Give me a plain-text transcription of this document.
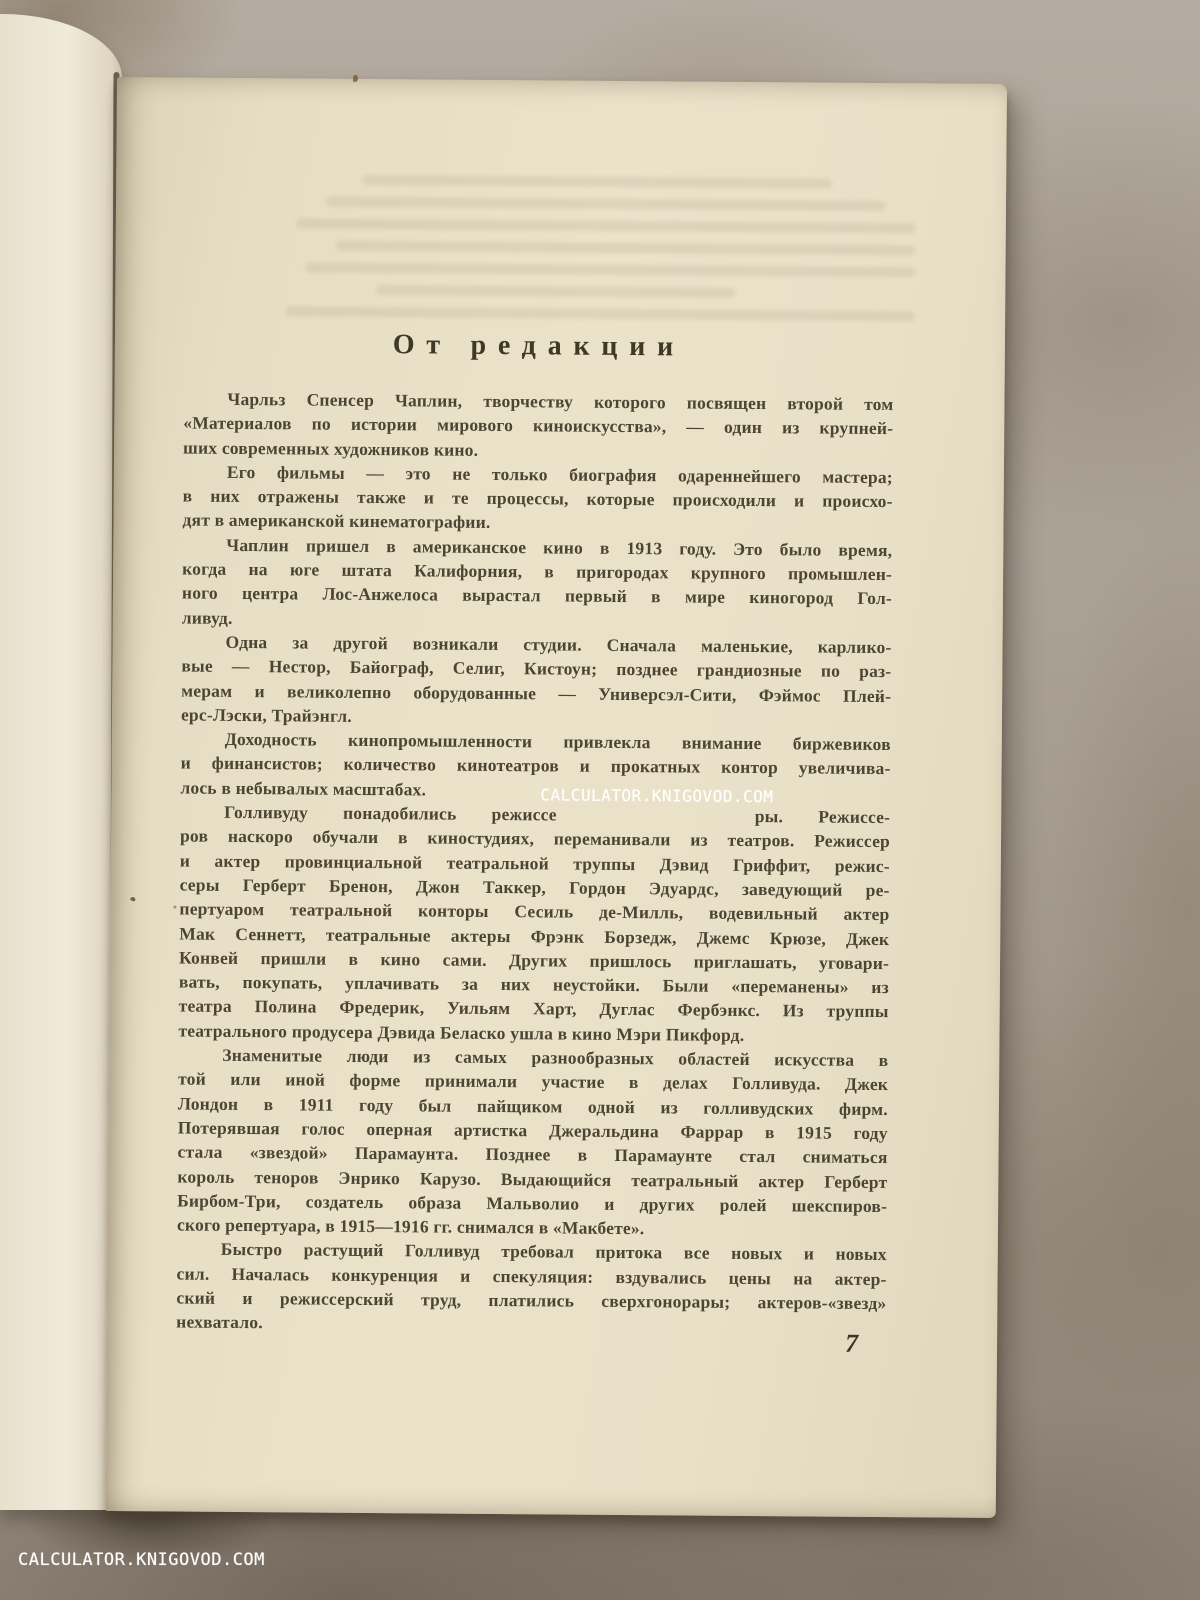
От редакции
Чарльз Спенсер Чаплин, творчеству которого посвящен второй том
«Материалов по истории мирового киноискусства», — один из крупней-
ших современных художников кино.
Его фильмы — это не только биография одареннейшего мастера;
в них отражены также и те процессы, которые происходили и происхо-
дят в американской кинематографии.
Чаплин пришел в американское кино в 1913 году. Это было время,
когда на юге штата Калифорния, в пригородах крупного промышлен-
ного центра Лос-Анжелоса вырастал первый в мире киногород Гол-
ливуд.
Одна за другой возникали студии. Сначала маленькие, карлико-
вые — Нестор, Байограф, Селиг, Кистоун; позднее грандиозные по раз-
мерам и великолепно оборудованные — Универсэл-Сити, Фэймос Плей-
ерс-Лэски, Трайэнгл.
Доходность кинопромышленности привлекла внимание биржевиков
и финансистов; количество кинотеатров и прокатных контор увеличива-
лось в небывалых масштабах.
Голливуду понадобились режиссе	ры. Режиссе-
ров наскоро обучали в киностудиях, переманивали из театров. Режиссер
и актер провинциальной театральной труппы Дэвид Гриффит, режис-
серы Герберт Бренон, Джон Таккер, Гордон Эдуардс, заведующий ре-
пертуаром театральной конторы Сесиль де-Милль, водевильный актер
Мак Сеннетт, театральные актеры Фрэнк Борзедж, Джемс Крюзе, Джек
Конвей пришли в кино сами. Других пришлось приглашать, уговари-
вать, покупать, уплачивать за них неустойки. Были «переманены» из
театра Полина Фредерик, Уильям Харт, Дуглас Фербэнкс. Из труппы
театрального продусера Дэвида Беласко ушла в кино Мэри Пикфорд.
Знаменитые люди из самых разнообразных областей искусства в
той или иной форме принимали участие в делах Голливуда. Джек
Лондон в 1911 году был пайщиком одной из голливудских фирм.
Потерявшая голос оперная артистка Джеральдина Фаррар в 1915 году
стала «звездой» Парамаунта. Позднее в Парамаунте стал сниматься
король теноров Энрико Карузо. Выдающийся театральный актер Герберт
Бирбом-Три, создатель образа Мальволио и других ролей шекспиров-
ского репертуара, в 1915—1916 гг. снимался в «Макбете».
Быстро растущий Голливуд требовал притока все новых и новых
сил. Началась конкуренция и спекуляция: вздувались цены на актер-
ский и режиссерский труд, платились сверхгонорары; актеров-«звезд»
нехватало.
CALCULATOR.KNIGOVOD.COM
7
CALCULATOR.KNIGOVOD.COM
